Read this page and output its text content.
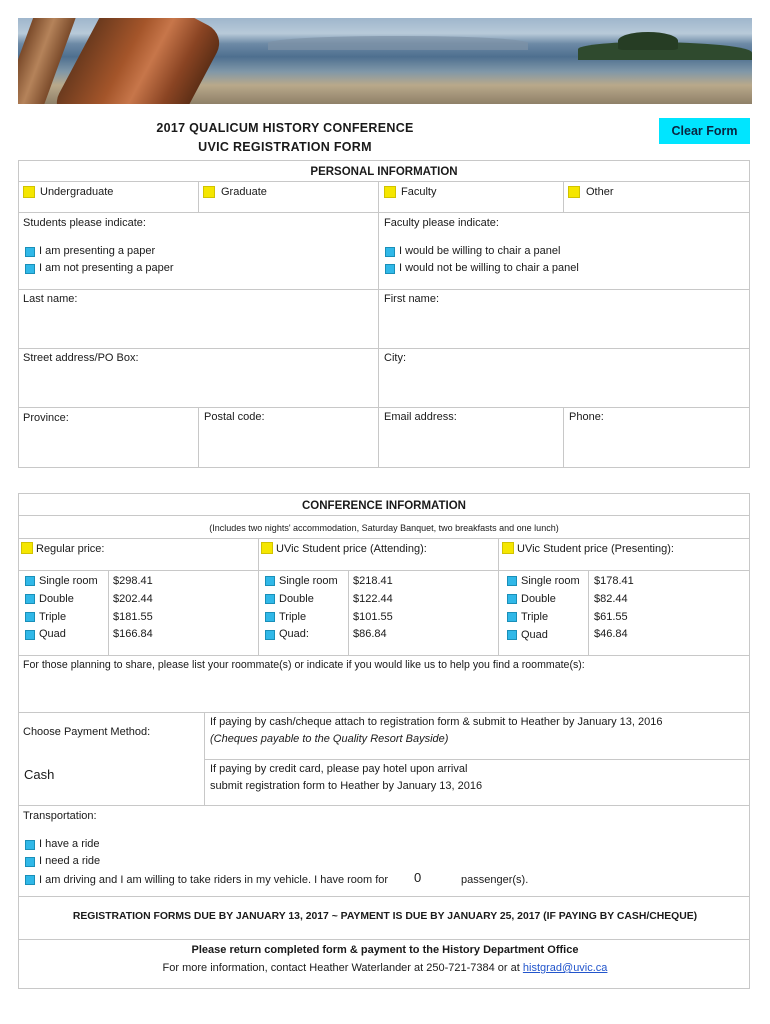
2017 QUALICUM HISTORY CONFERENCE
UVIC REGISTRATION FORM
Clear Form
PERSONAL INFORMATION
Undergraduate	Graduate	Faculty	Other
Students please indicate:	Faculty please indicate:
I am presenting a paper
I am not presenting a paper
I would be willing to chair a panel
I would not be willing to chair a panel
Last name:	First name:
Street address/PO Box:	City:
Province:	Postal code:	Email address:	Phone:
CONFERENCE INFORMATION
(Includes two nights' accommodation, Saturday Banquet, two breakfasts and one lunch)
Regular price:	UVic Student price (Attending):	UVic Student price (Presenting):
Single room $298.41
Double	$202.44
Triple	$181.55
Quad	$166.84
Single room $218.41
Double	$122.44
Triple	$101.55
Quad:	$86.84
Single room $178.41
Double	$82.44
Triple	$61.55
Quad	$46.84
For those planning to share, please list your roommate(s) or indicate if you would like us to help you find a roommate(s):
Choose Payment Method:
Cash
If paying by cash/cheque attach to registration form & submit to Heather by January 13, 2016
(Cheques payable to the Quality Resort Bayside)
If paying by credit card, please pay hotel upon arrival
submit registration form to Heather by January 13, 2016
Transportation:
I have a ride
I need a ride
I am driving and I am willing to take riders in my vehicle. I have room for 0	passenger(s).
REGISTRATION FORMS DUE BY JANUARY 13, 2017 ~ PAYMENT IS DUE BY JANUARY 25, 2017 (IF PAYING BY CASH/CHEQUE)
Please return completed form & payment to the History Department Office
For more information, contact Heather Waterlander at 250-721-7384 or at histgrad@uvic.ca
